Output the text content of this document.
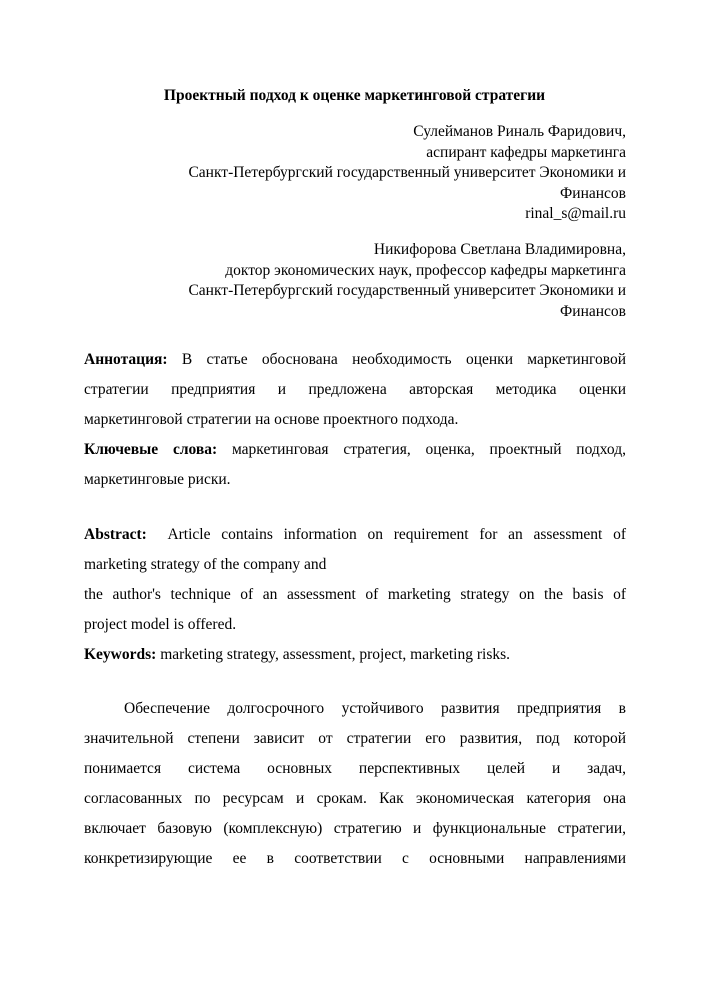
Проектный подход к оценке маркетинговой стратегии
Сулейманов Риналь Фаридович,
аспирант кафедры маркетинга
Санкт-Петербургский государственный университет Экономики и
Финансов
rinal_s@mail.ru
Никифорова Светлана Владимировна,
доктор экономических наук, профессор кафедры маркетинга
Санкт-Петербургский государственный университет Экономики и
Финансов
Аннотация: В статье обоснована необходимость оценки маркетинговой
стратегии предприятия и предложена авторская методика оценки
маркетинговой стратегии на основе проектного подхода.
Ключевые слова: маркетинговая стратегия, оценка, проектный подход,
маркетинговые риски.
Abstract: Article contains information on requirement for an assessment of
marketing strategy of the company and
the author's technique of an assessment of marketing strategy on the basis of
project model is offered.
Keywords: marketing strategy, assessment, project, marketing risks.
Обеспечение долгосрочного устойчивого развития предприятия в
значительной степени зависит от стратегии его развития, под которой
понимается система основных перспективных целей и задач,
согласованных по ресурсам и срокам. Как экономическая категория она
включает базовую (комплексную) стратегию и функциональные стратегии,
конкретизирующие ее в соответствии с основными направлениями
